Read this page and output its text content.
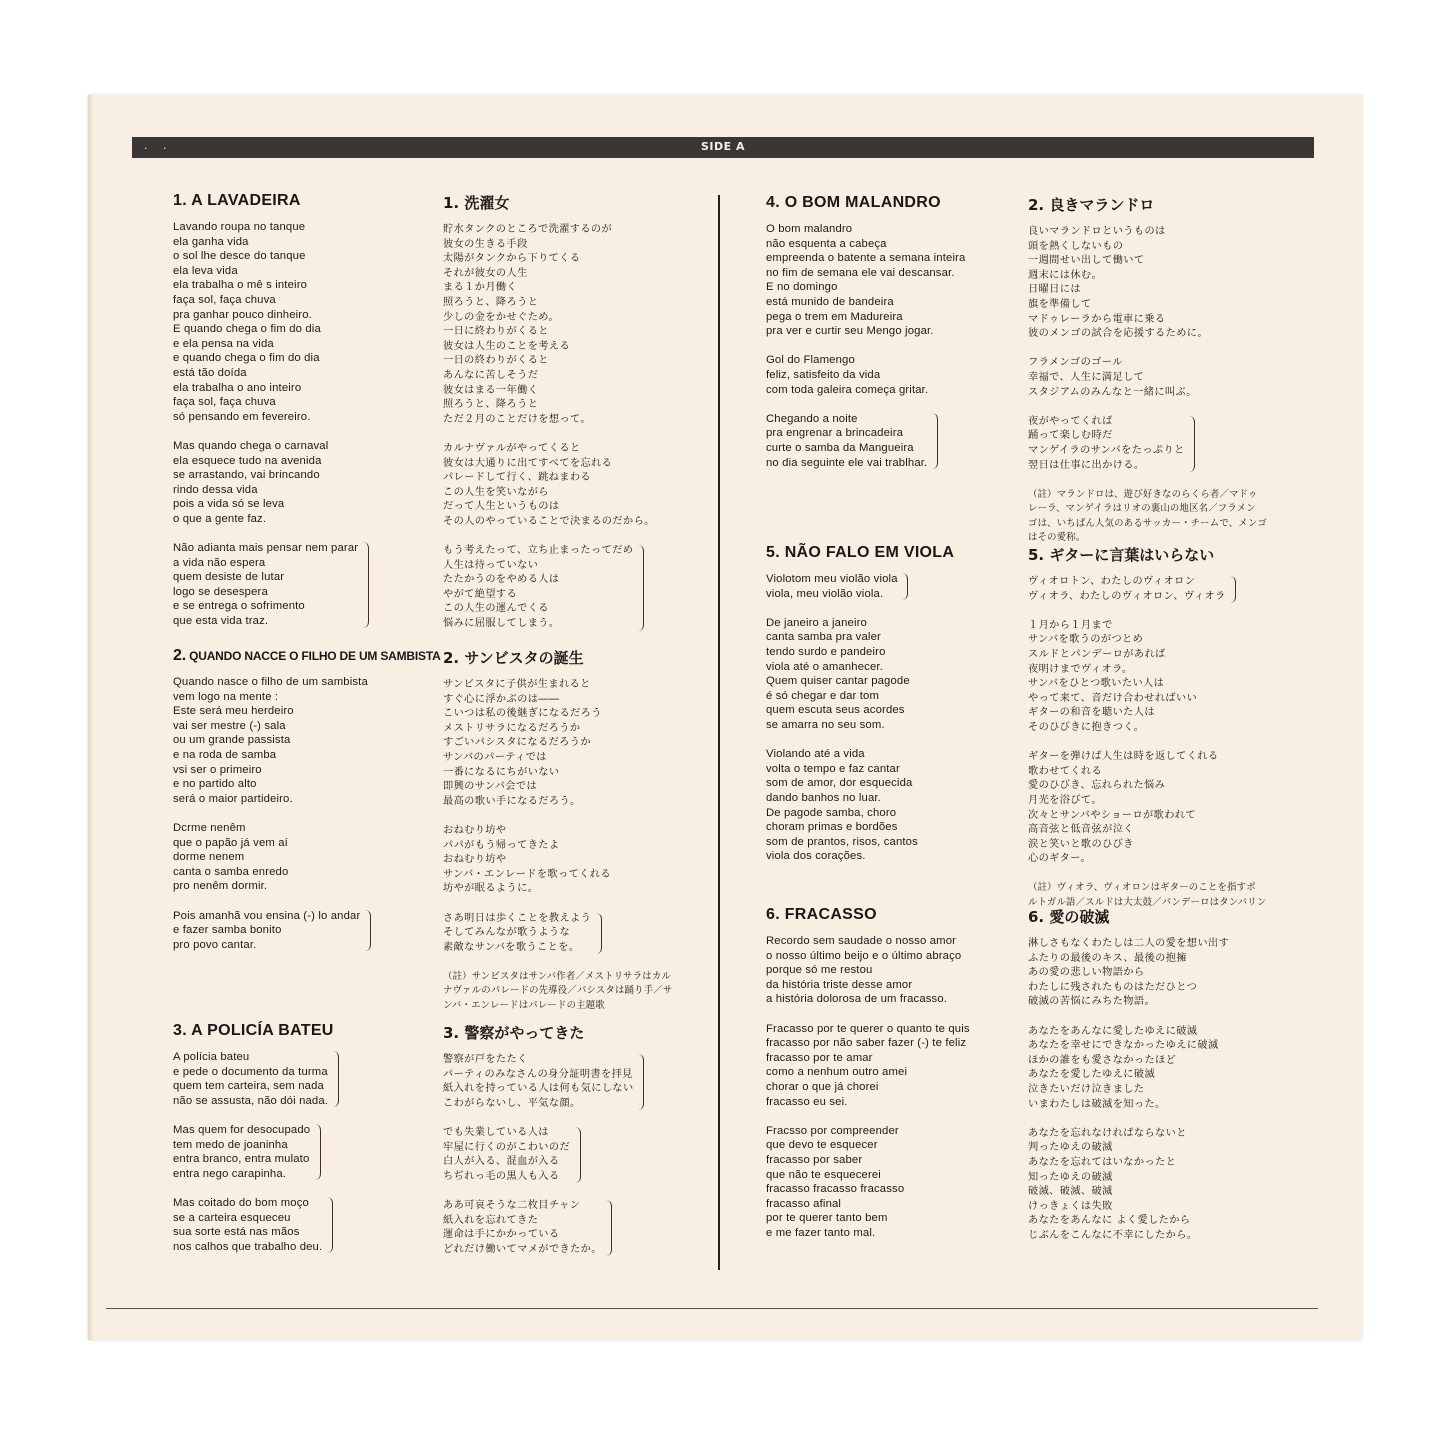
. .	SIDE A
1. A LAVADEIRA
Lavando roupa no tanque
ela ganha vida
o sol lhe desce do tanque
ela leva vida
ela trabalha o mê s inteiro
faça sol, faça chuva
pra ganhar pouco dinheiro.
E quando chega o fim do dia
e ela pensa na vida
e quando chega o fim do dia
está tão doída
ela trabalha o ano inteiro
faça sol, faça chuva
só pensando em fevereiro.
Mas quando chega o carnaval
ela esquece tudo na avenida
se arrastando, vai brincando
rindo dessa vida
pois a vida só se leva
o que a gente faz.
Não adianta mais pensar nem parar
a vida não espera
quem desiste de lutar
logo se desespera
e se entrega o sofrimento
que esta vida traz.
1. 洗濯女
貯水タンクのところで洗濯するのが
彼女の生きる手段
太陽がタンクから下りてくる
それが彼女の人生
まる１か月働く
照ろうと、降ろうと
少しの金をかせぐため。
一日に終わりがくると
彼女は人生のことを考える
一日の終わりがくると
あんなに苦しそうだ
彼女はまる一年働く
照ろうと、降ろうと
ただ２月のことだけを想って。
カルナヴァルがやってくると
彼女は大通りに出てすべてを忘れる
パレードして行く、跳ねまわる
この人生を笑いながら
だって人生というものは
その人のやっていることで決まるのだから。
もう考えたって、立ち止まったってだめ
人生は待っていない
たたかうのをやめる人は
やがて絶望する
この人生の運んでくる
悩みに屈服してしまう。
2. QUANDO NACCE O FILHO DE UM SAMBISTA
Quando nasce o filho de um sambista
vem logo na mente :
Este será meu herdeiro
vai ser mestre (-) sala
ou um grande passista
e na roda de samba
vsi ser o primeiro
e no partido alto
será o maior partideiro.
Dcrme nenêm
que o papão já vem aí
dorme nenem
canta o samba enredo
pro nenêm dormir.
Pois amanhã vou ensina (-) lo andar
e fazer samba bonito
pro povo cantar.
2. サンビスタの誕生
サンビスタに子供が生まれると
すぐ心に浮かぶのは――
こいつは私の後継ぎになるだろう
メストリサラになるだろうか
すごいパシスタになるだろうか
サンバのパーティでは
一番になるにちがいない
即興のサンバ会では
最高の歌い手になるだろう。
おねむり坊や
パパがもう帰ってきたよ
おねむり坊や
サンバ・エンレードを歌ってくれる
坊やが眠るように。
さあ明日は歩くことを教えよう
そしてみんなが歌うような
素敵なサンバを歌うことを。
（註）サンビスタはサンバ作者／メストリサラはカル
ナヴァルのパレードの先導役／パシスタは踊り手／サ
ンバ・エンレードはパレードの主題歌
3. A POLICÍA BATEU
A polícia bateu
e pede o documento da turma
quem tem carteira, sem nada
não se assusta, não dói nada.
Mas quem for desocupado
tem medo de joaninha
entra branco, entra mulato
entra nego carapinha.
Mas coitado do bom moço
se a carteira esqueceu
sua sorte está nas mãos
nos calhos que trabalho deu.
3. 警察がやってきた
警察が戸をたたく
パーティのみなさんの身分証明書を拝見
紙入れを持っている人は何も気にしない
こわがらないし、平気な顔。
でも失業している人は
牢屋に行くのがこわいのだ
白人が入る、混血が入る
ちぢれっ毛の黒人も入る
ああ可哀そうな二枚目チャン
紙入れを忘れてきた
運命は手にかかっている
どれだけ働いてマメができたか。
4. O BOM MALANDRO
O bom malandro
não esquenta a cabeça
empreenda o batente a semana inteira
no fim de semana ele vai descansar.
E no domingo
está munido de bandeira
pega o trem em Madureira
pra ver e curtir seu Mengo jogar.
Gol do Flamengo
feliz, satisfeito da vida
com toda galeira começa gritar.
Chegando a noite
pra engrenar a brincadeira
curte o samba da Mangueira
no dia seguinte ele vai trablhar.
2. 良きマランドロ
良いマランドロというものは
頭を熱くしないもの
一週間せい出して働いて
週末には休む。
日曜日には
旗を準備して
マドゥレーラから電車に乗る
彼のメンゴの試合を応援するために。
フラメンゴのゴール
幸福で、人生に満足して
スタジアムのみんなと一緒に叫ぶ。
夜がやってくれば
踊って楽しむ時だ
マンゲイラのサンバをたっぷりと
翌日は仕事に出かける。
（註）マランドロは、遊び好きなのらくら者／マドゥ
レーラ、マンゲイラはリオの裏山の地区名／フラメン
ゴは、いちばん人気のあるサッカー・チームで、メンゴ
はその愛称。
5. NÃO FALO EM VIOLA
Violotom meu violão viola
viola, meu violão viola.
De janeiro a janeiro
canta samba pra valer
tendo surdo e pandeiro
viola até o amanhecer.
Quem quiser cantar pagode
é só chegar e dar tom
quem escuta seus acordes
se amarra no seu som.
Violando até a vida
volta o tempo e faz cantar
som de amor, dor esquecida
dando banhos no luar.
De pagode samba, choro
choram primas e bordões
som de prantos, risos, cantos
viola dos corações.
5. ギターに言葉はいらない
ヴィオロトン、わたしのヴィオロン
ヴィオラ、わたしのヴィオロン、ヴィオラ
１月から１月まで
サンバを歌うのがつとめ
スルドとパンデーロがあれば
夜明けまでヴィオラ。
サンバをひとつ歌いたい人は
やって来て、音だけ合わせればいい
ギターの和音を聴いた人は
そのひびきに抱きつく。
ギターを弾けば人生は時を返してくれる
歌わせてくれる
愛のひびき、忘れられた悩み
月光を浴びて。
次々とサンバやショーロが歌われて
高音弦と低音弦が泣く
涙と笑いと歌のひびき
心のギター。
（註）ヴィオラ、ヴィオロンはギターのことを指すポ
ルトガル語／スルドは大太鼓／パンデーロはタンバリン
6. FRACASSO
Recordo sem saudade o nosso amor
o nosso último beijo e o último abraço
porque só me restou
da história triste desse amor
a história dolorosa de um fracasso.
Fracasso por te querer o quanto te quis
fracasso por não saber fazer (-) te feliz
fracasso por te amar
como a nenhum outro amei
chorar o que já chorei
fracasso eu sei.
Fracsso por compreender
que devo te esquecer
fracasso por saber
que não te esquecerei
fracasso fracasso fracasso
fracasso afinal
por te querer tanto bem
e me fazer tanto mal.
6. 愛の破滅
淋しさもなくわたしは二人の愛を想い出す
ふたりの最後のキス、最後の抱擁
あの愛の悲しい物語から
わたしに残されたものはただひとつ
破滅の苦悩にみちた物語。
あなたをあんなに愛したゆえに破滅
あなたを幸せにできなかったゆえに破滅
ほかの誰をも愛さなかったほど
あなたを愛したゆえに破滅
泣きたいだけ泣きました
いまわたしは破滅を知った。
あなたを忘れなければならないと
判ったゆえの破滅
あなたを忘れてはいなかったと
知ったゆえの破滅
破滅、破滅、破滅
けっきょくは失敗
あなたをあんなに よく愛したから
じぶんをこんなに不幸にしたから。
